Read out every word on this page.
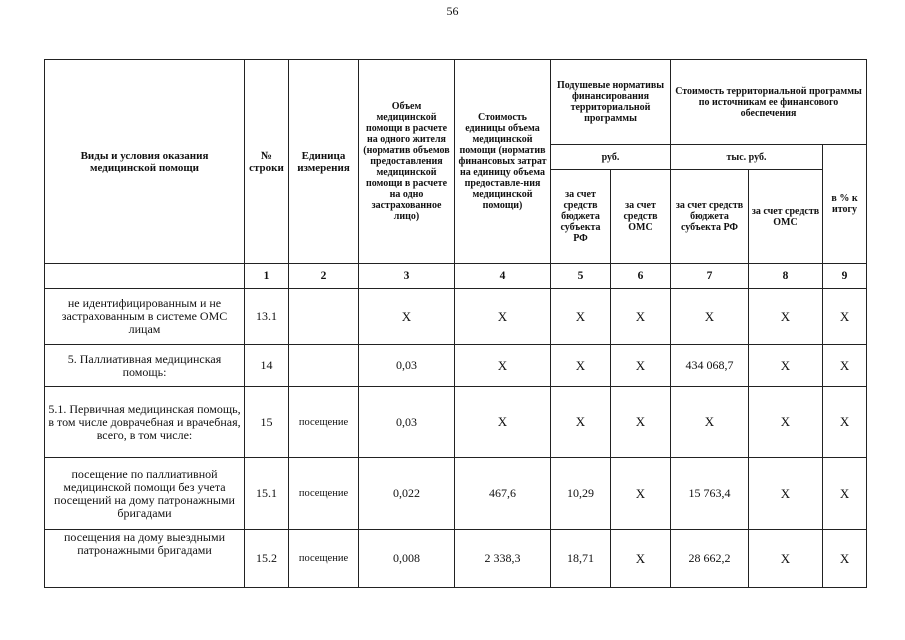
56
Виды и условия оказания медицинской помощи	№ строки	Единица измерения	Объем медицинской помощи в расчете на одного жителя (норматив объемов предоставления медицинской помощи в расчете на одно застрахованное лицо)	Стоимость единицы объема медицинской помощи (норматив финансовых затрат на единицу объема предоставле-ния медицинской помощи)	Подушевые нормативы финансирования территориальной программы		Стоимость территориальной программы по источникам ее финансового обеспечения		
					руб.		тыс. руб.		в % к итогу
					за счет средств бюджета субъекта РФ	за счет средств ОМС	за счет средств бюджета субъекта РФ	за счет средств ОМС	
	1	2	3	4	5	6	7	8	9
не идентифицированным и не застрахованным в системе ОМС лицам	13.1		X	X	X	X	X	X	X
5. Паллиативная медицинская помощь:	14		0,03	X	X	X	434 068,7	X	X
5.1. Первичная медицинская помощь, в том числе доврачебная и врачебная, всего, в том числе:	15	посещение	0,03	X	X	X	X	X	X
посещение по паллиативной медицинской помощи без учета посещений на дому патронажными бригадами	15.1	посещение	0,022	467,6	10,29	X	15 763,4	X	X
посещения на дому выездными патронажными бригадами	15.2	посещение	0,008	2 338,3	18,71	X	28 662,2	X	X
